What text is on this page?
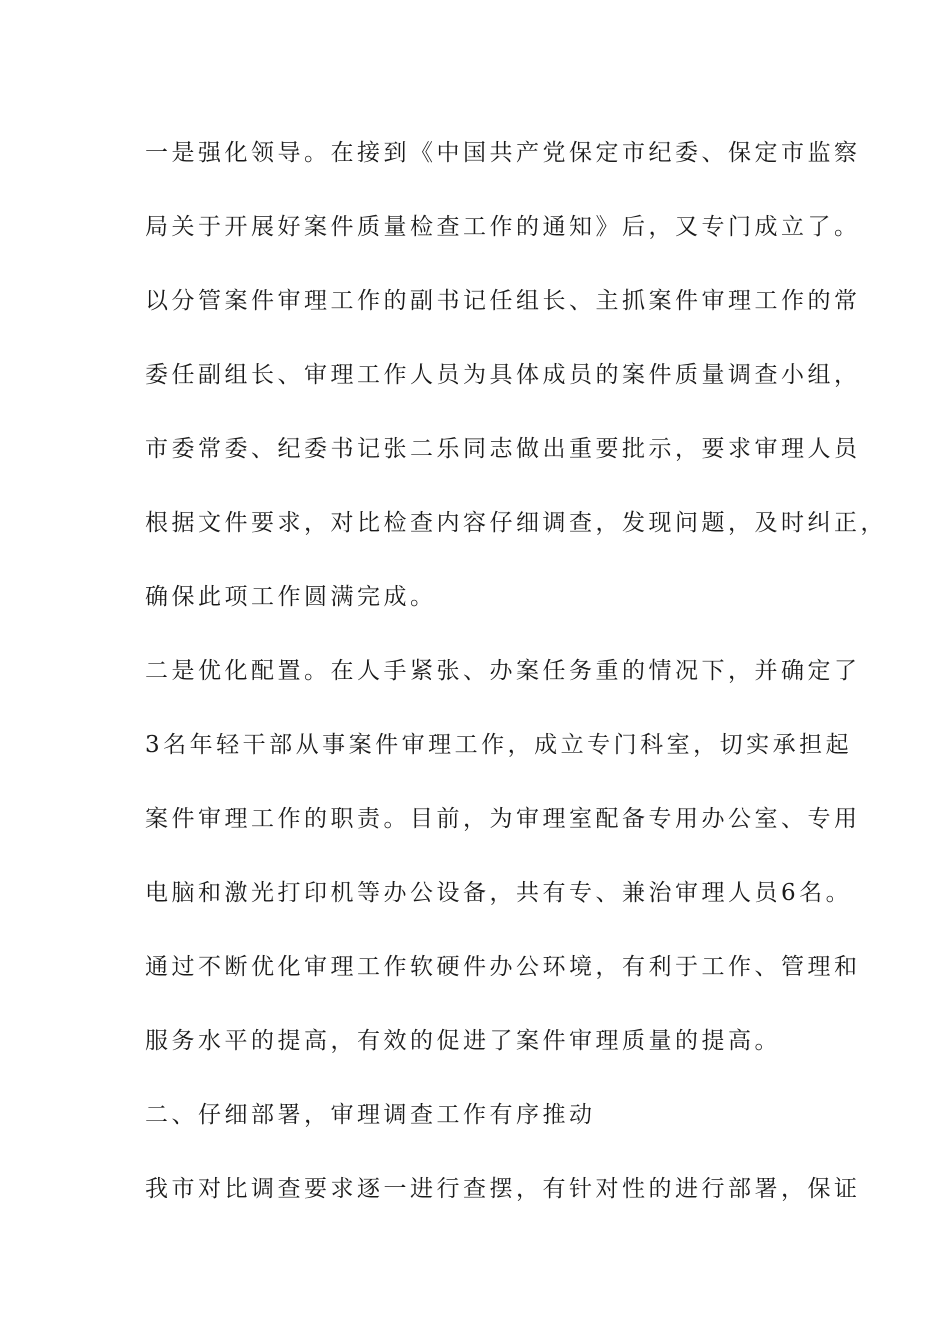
一是强化领导。在接到《中国共产党保定市纪委、保定市监察
局关于开展好案件质量检查工作的通知》后，又专门成立了。
以分管案件审理工作的副书记任组长、主抓案件审理工作的常
委任副组长、审理工作人员为具体成员的案件质量调查小组，
市委常委、纪委书记张二乐同志做出重要批示，要求审理人员
根据文件要求，对比检查内容仔细调查，发现问题，及时纠正，
确保此项工作圆满完成。
二是优化配置。在人手紧张、办案任务重的情况下，并确定了
3名年轻干部从事案件审理工作，成立专门科室，切实承担起
案件审理工作的职责。目前，为审理室配备专用办公室、专用
电脑和激光打印机等办公设备，共有专、兼治审理人员6名。
通过不断优化审理工作软硬件办公环境，有利于工作、管理和
服务水平的提高，有效的促进了案件审理质量的提高。
二、仔细部署，审理调查工作有序推动
我市对比调查要求逐一进行查摆，有针对性的进行部署，保证
